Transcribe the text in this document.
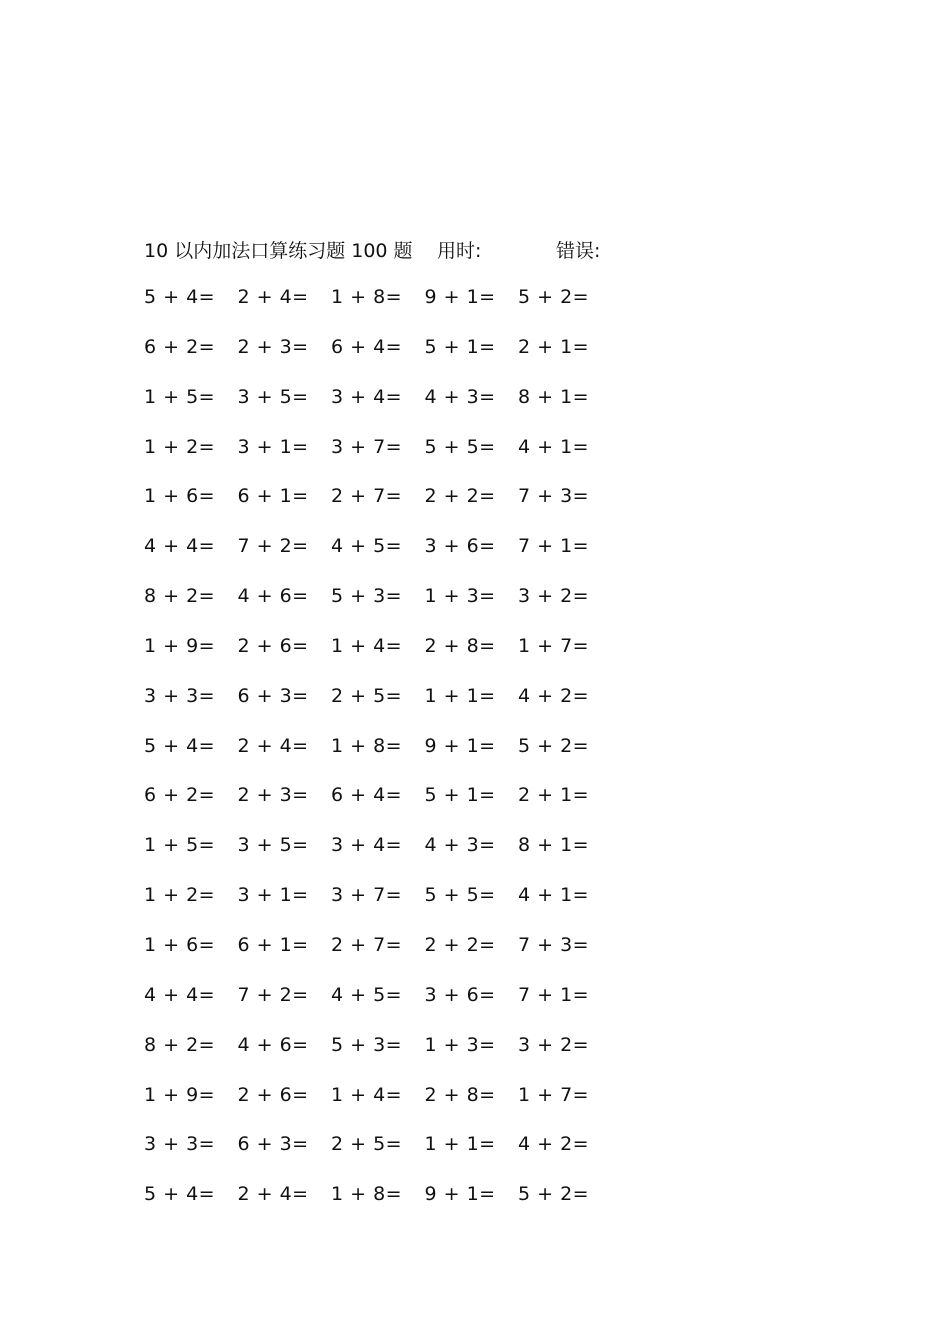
10 以内加法口算练习题 100 题 用时:	错误:
5 + 4= 2 + 4= 1 + 8= 9 + 1= 5 + 2=
6 + 2= 2 + 3= 6 + 4= 5 + 1= 2 + 1=
1 + 5= 3 + 5= 3 + 4= 4 + 3= 8 + 1=
1 + 2= 3 + 1= 3 + 7= 5 + 5= 4 + 1=
1 + 6= 6 + 1= 2 + 7= 2 + 2= 7 + 3=
4 + 4= 7 + 2= 4 + 5= 3 + 6= 7 + 1=
8 + 2= 4 + 6= 5 + 3= 1 + 3= 3 + 2=
1 + 9= 2 + 6= 1 + 4= 2 + 8= 1 + 7=
3 + 3= 6 + 3= 2 + 5= 1 + 1= 4 + 2=
5 + 4= 2 + 4= 1 + 8= 9 + 1= 5 + 2=
6 + 2= 2 + 3= 6 + 4= 5 + 1= 2 + 1=
1 + 5= 3 + 5= 3 + 4= 4 + 3= 8 + 1=
1 + 2= 3 + 1= 3 + 7= 5 + 5= 4 + 1=
1 + 6= 6 + 1= 2 + 7= 2 + 2= 7 + 3=
4 + 4= 7 + 2= 4 + 5= 3 + 6= 7 + 1=
8 + 2= 4 + 6= 5 + 3= 1 + 3= 3 + 2=
1 + 9= 2 + 6= 1 + 4= 2 + 8= 1 + 7=
3 + 3= 6 + 3= 2 + 5= 1 + 1= 4 + 2=
5 + 4= 2 + 4= 1 + 8= 9 + 1= 5 + 2=
